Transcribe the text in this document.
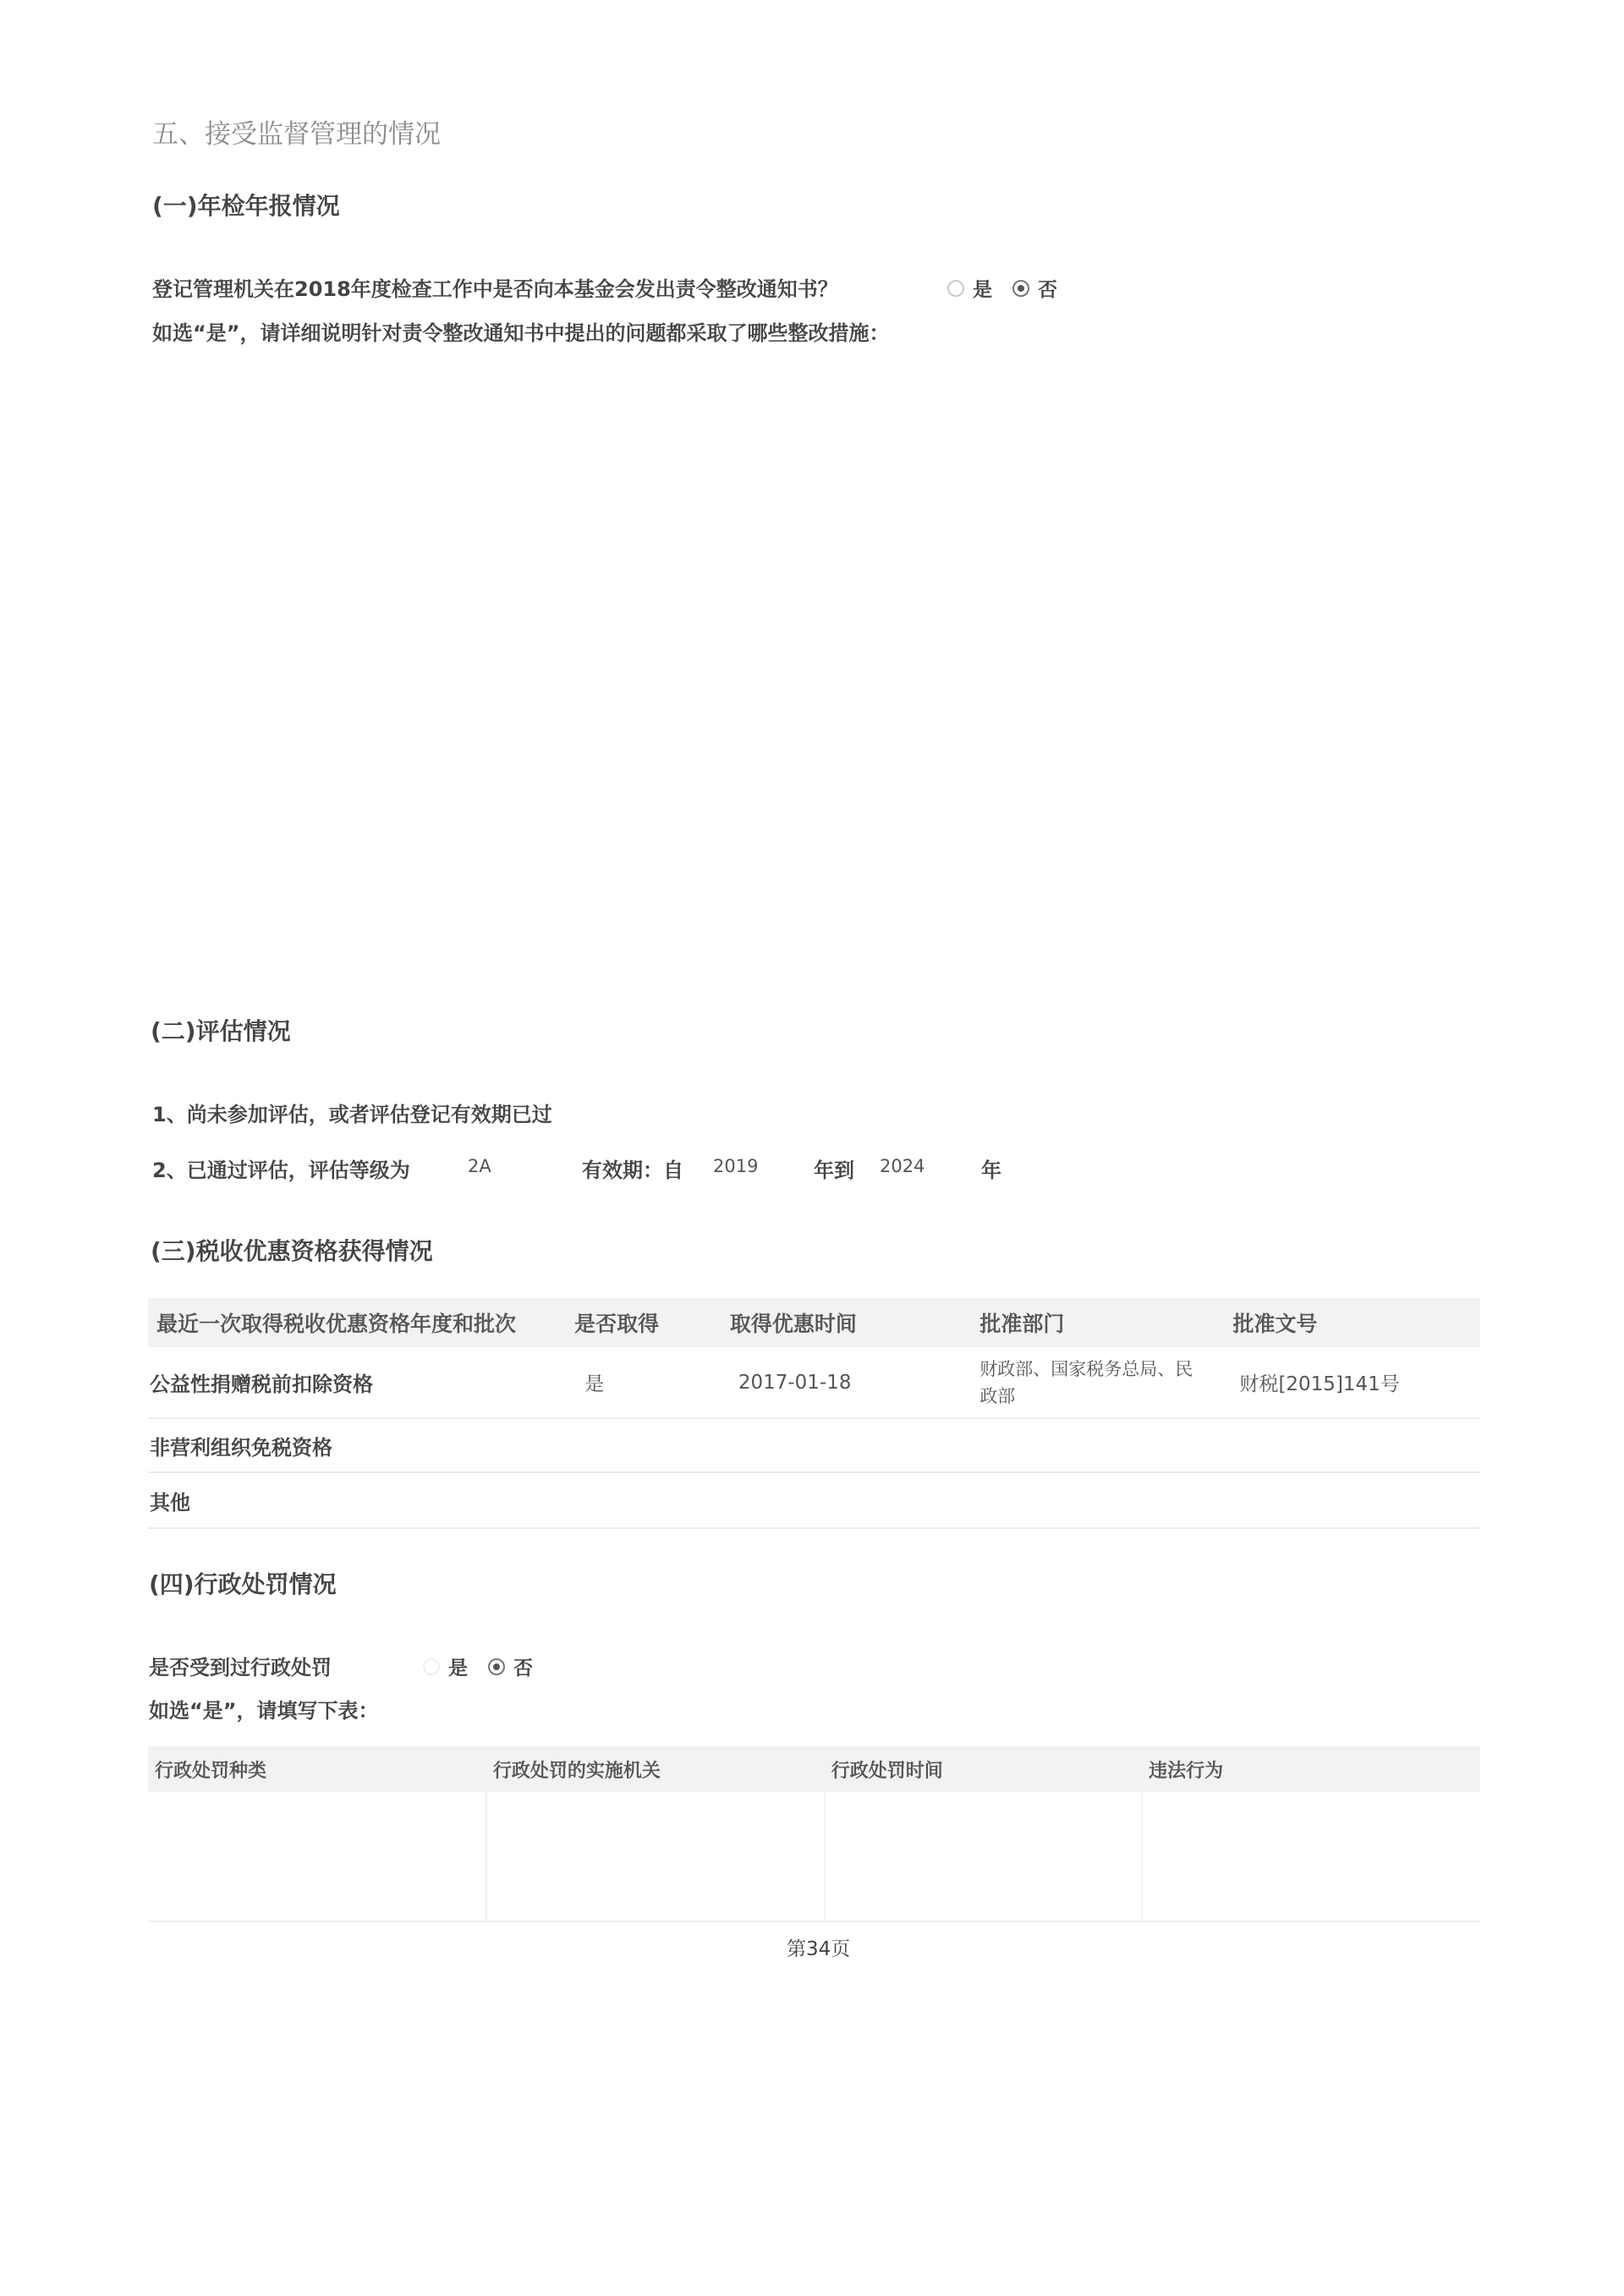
五、接受监督管理的情况
(一)年检年报情况
登记管理机关在2018年度检查工作中是否向本基金会发出责令整改通知书？	是 否
如选“是”，请详细说明针对责令整改通知书中提出的问题都采取了哪些整改措施：
(二)评估情况
1、尚未参加评估，或者评估登记有效期已过
2、已通过评估，评估等级为	2A	有效期：自 2019	年到 2024	年
(三)税收优惠资格获得情况
最近一次取得税收优惠资格年度和批次	是否取得	取得优惠时间	批准部门	批准文号
公益性捐赠税前扣除资格	是	2017-01-18	财政部、国家税务总局、民政部	财税[2015]141号
非营利组织免税资格				
其他				
(四)行政处罚情况
是否受到过行政处罚	是 否
如选“是”，请填写下表：
行政处罚种类	行政处罚的实施机关	行政处罚时间	违法行为

第34页
